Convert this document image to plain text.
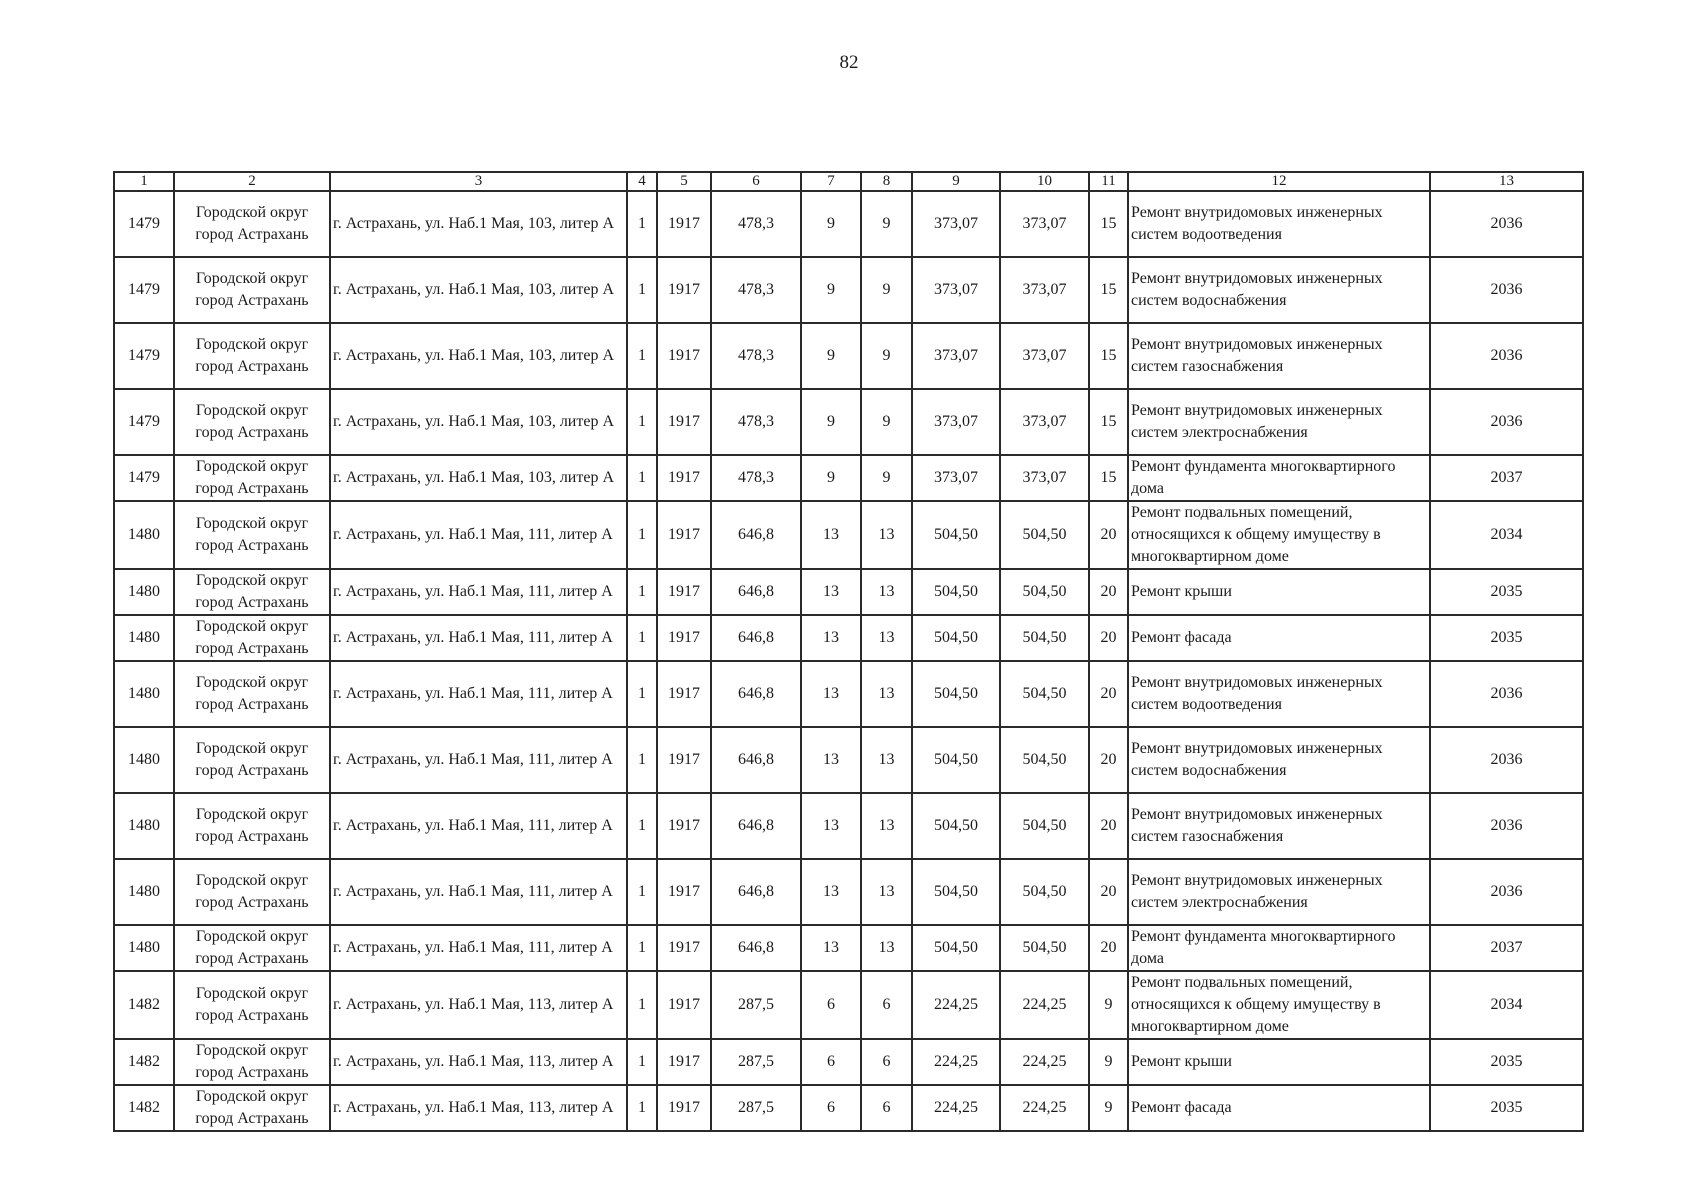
82
1	2	3	4	5	6	7	8	9	10	11	12	13
1479	Городской округ город Астрахань	г. Астрахань, ул. Наб.1 Мая, 103, литер А	1	1917	478,3	9	9	373,07	373,07	15	Ремонт внутридомовых инженерных систем водоотведения	2036
1479	Городской округ город Астрахань	г. Астрахань, ул. Наб.1 Мая, 103, литер А	1	1917	478,3	9	9	373,07	373,07	15	Ремонт внутридомовых инженерных систем водоснабжения	2036
1479	Городской округ город Астрахань	г. Астрахань, ул. Наб.1 Мая, 103, литер А	1	1917	478,3	9	9	373,07	373,07	15	Ремонт внутридомовых инженерных систем газоснабжения	2036
1479	Городской округ город Астрахань	г. Астрахань, ул. Наб.1 Мая, 103, литер А	1	1917	478,3	9	9	373,07	373,07	15	Ремонт внутридомовых инженерных систем электроснабжения	2036
1479	Городской округ город Астрахань	г. Астрахань, ул. Наб.1 Мая, 103, литер А	1	1917	478,3	9	9	373,07	373,07	15	Ремонт фундамента многоквартирного дома	2037
1480	Городской округ город Астрахань	г. Астрахань, ул. Наб.1 Мая, 111, литер А	1	1917	646,8	13	13	504,50	504,50	20	Ремонт подвальных помещений, относящихся к общему имуществу в многоквартирном доме	2034
1480	Городской округ город Астрахань	г. Астрахань, ул. Наб.1 Мая, 111, литер А	1	1917	646,8	13	13	504,50	504,50	20	Ремонт крыши	2035
1480	Городской округ город Астрахань	г. Астрахань, ул. Наб.1 Мая, 111, литер А	1	1917	646,8	13	13	504,50	504,50	20	Ремонт фасада	2035
1480	Городской округ город Астрахань	г. Астрахань, ул. Наб.1 Мая, 111, литер А	1	1917	646,8	13	13	504,50	504,50	20	Ремонт внутридомовых инженерных систем водоотведения	2036
1480	Городской округ город Астрахань	г. Астрахань, ул. Наб.1 Мая, 111, литер А	1	1917	646,8	13	13	504,50	504,50	20	Ремонт внутридомовых инженерных систем водоснабжения	2036
1480	Городской округ город Астрахань	г. Астрахань, ул. Наб.1 Мая, 111, литер А	1	1917	646,8	13	13	504,50	504,50	20	Ремонт внутридомовых инженерных систем газоснабжения	2036
1480	Городской округ город Астрахань	г. Астрахань, ул. Наб.1 Мая, 111, литер А	1	1917	646,8	13	13	504,50	504,50	20	Ремонт внутридомовых инженерных систем электроснабжения	2036
1480	Городской округ город Астрахань	г. Астрахань, ул. Наб.1 Мая, 111, литер А	1	1917	646,8	13	13	504,50	504,50	20	Ремонт фундамента многоквартирного дома	2037
1482	Городской округ город Астрахань	г. Астрахань, ул. Наб.1 Мая, 113, литер А	1	1917	287,5	6	6	224,25	224,25	9	Ремонт подвальных помещений, относящихся к общему имуществу в многоквартирном доме	2034
1482	Городской округ город Астрахань	г. Астрахань, ул. Наб.1 Мая, 113, литер А	1	1917	287,5	6	6	224,25	224,25	9	Ремонт крыши	2035
1482	Городской округ город Астрахань	г. Астрахань, ул. Наб.1 Мая, 113, литер А	1	1917	287,5	6	6	224,25	224,25	9	Ремонт фасада	2035
